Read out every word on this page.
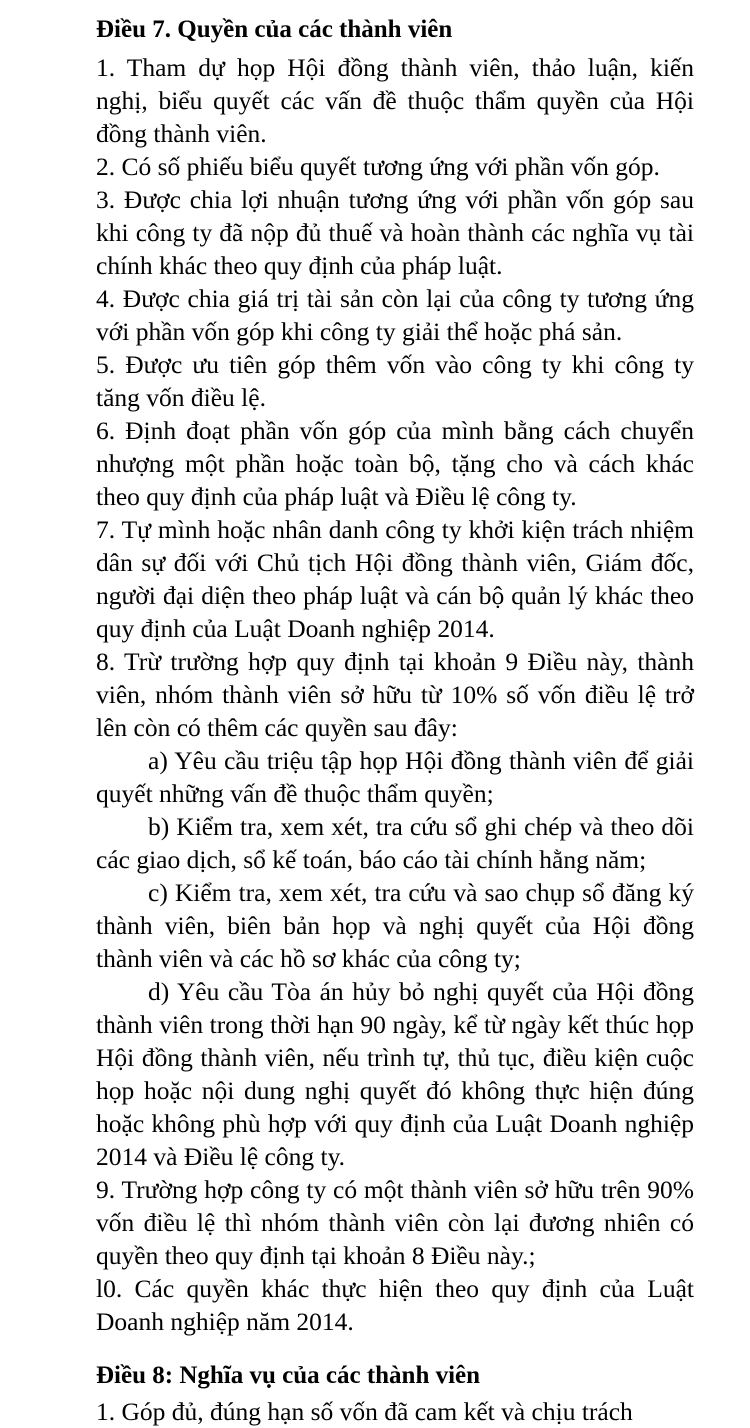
Điều 7. Quyền của các thành viên

1. Tham dự họp Hội đồng thành viên, thảo luận, kiến nghị, biểu quyết các vấn đề thuộc thẩm quyền của Hội đồng thành viên.

2. Có số phiếu biểu quyết tương ứng với phần vốn góp.

3. Được chia lợi nhuận tương ứng với phần vốn góp sau khi công ty đã nộp đủ thuế và hoàn thành các nghĩa vụ tài chính khác theo quy định của pháp luật.

4. Được chia giá trị tài sản còn lại của công ty tương ứng với phần vốn góp khi công ty giải thể hoặc phá sản.

5. Được ưu tiên góp thêm vốn vào công ty khi công ty tăng vốn điều lệ.

6. Định đoạt phần vốn góp của mình bằng cách chuyển nhượng một phần hoặc toàn bộ, tặng cho và cách khác theo quy định của pháp luật và Điều lệ công ty.

7. Tự mình hoặc nhân danh công ty khởi kiện trách nhiệm dân sự đối với Chủ tịch Hội đồng thành viên, Giám đốc, người đại diện theo pháp luật và cán bộ quản lý khác theo quy định của Luật Doanh nghiệp 2014.

8. Trừ trường hợp quy định tại khoản 9 Điều này, thành viên, nhóm thành viên sở hữu từ 10% số vốn điều lệ trở lên còn có thêm các quyền sau đây:

a) Yêu cầu triệu tập họp Hội đồng thành viên để giải quyết những vấn đề thuộc thẩm quyền;

b) Kiểm tra, xem xét, tra cứu sổ ghi chép và theo dõi các giao dịch, sổ kế toán, báo cáo tài chính hằng năm;

c) Kiểm tra, xem xét, tra cứu và sao chụp sổ đăng ký thành viên, biên bản họp và nghị quyết của Hội đồng thành viên và các hồ sơ khác của công ty;

d) Yêu cầu Tòa án hủy bỏ nghị quyết của Hội đồng thành viên trong thời hạn 90 ngày, kể từ ngày kết thúc họp Hội đồng thành viên, nếu trình tự, thủ tục, điều kiện cuộc họp hoặc nội dung nghị quyết đó không thực hiện đúng hoặc không phù hợp với quy định của Luật Doanh nghiệp 2014 và Điều lệ công ty.

9. Trường hợp công ty có một thành viên sở hữu trên 90% vốn điều lệ thì nhóm thành viên còn lại đương nhiên có quyền theo quy định tại khoản 8 Điều này.;

l0. Các quyền khác thực hiện theo quy định của Luật Doanh nghiệp năm 2014.

Điều 8: Nghĩa vụ của các thành viên

1. Góp đủ, đúng hạn số vốn đã cam kết và chịu trách
